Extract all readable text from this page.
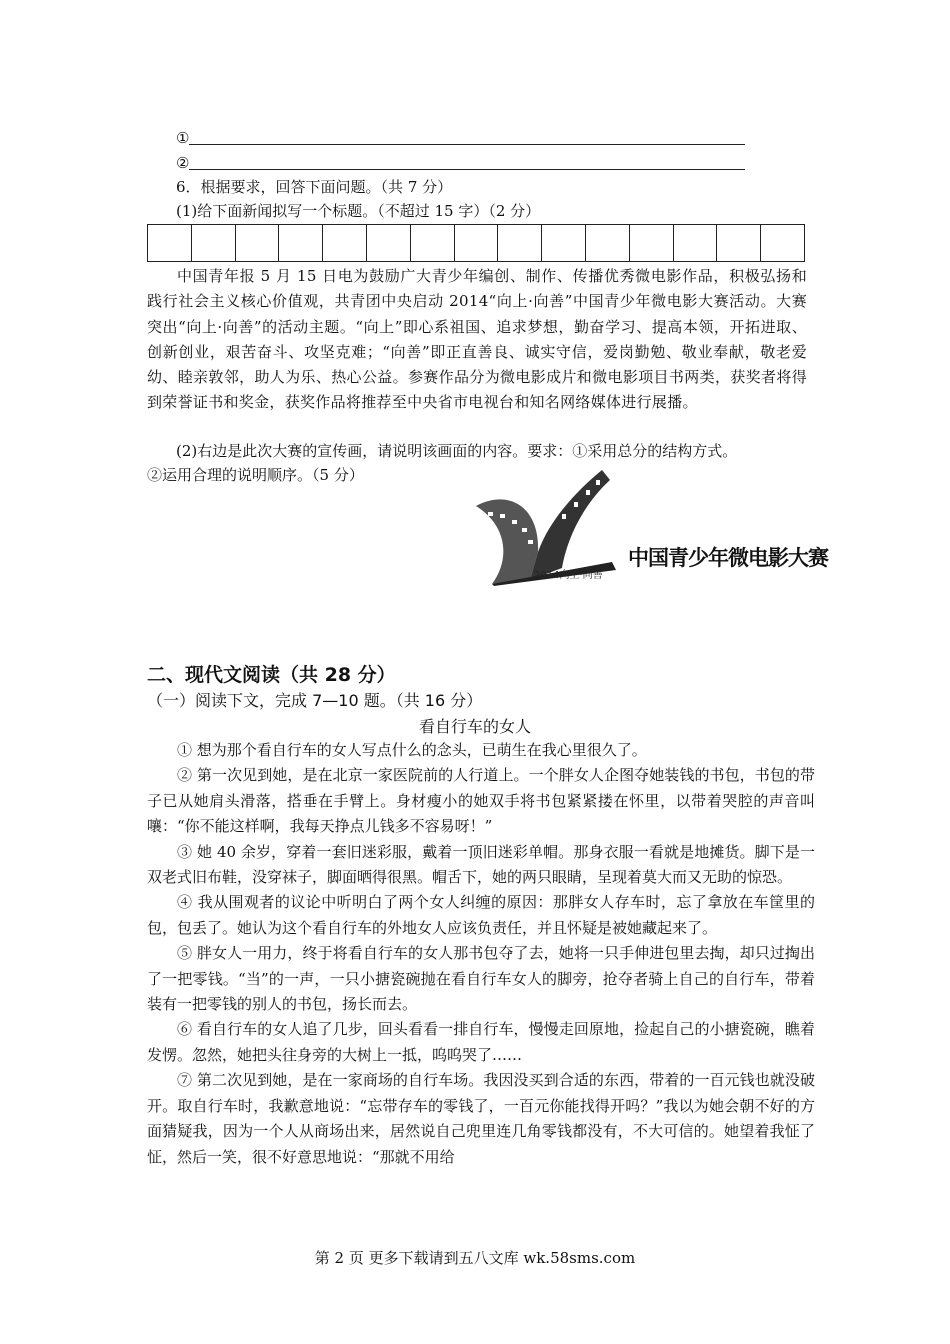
①
②
6．根据要求，回答下面问题。（共 7 分）
(1)给下面新闻拟写一个标题。（不超过 15 字）（2 分）

中国青年报 5 月 15 日电为鼓励广大青少年编创、制作、传播优秀微电影作品，积极弘扬和践行社会主义核心价值观，共青团中央启动 2014“向上·向善”中国青少年微电影大赛活动。大赛突出“向上·向善”的活动主题。“向上”即心系祖国、追求梦想，勤奋学习、提高本领，开拓进取、创新创业，艰苦奋斗、攻坚克难；“向善”即正直善良、诚实守信，爱岗勤勉、敬业奉献，敬老爱幼、睦亲敦邻，助人为乐、热心公益。参赛作品分为微电影成片和微电影项目书两类，获奖者将得到荣誉证书和奖金，获奖作品将推荐至中央省市电视台和知名网络媒体进行展播。

(2)右边是此次大赛的宣传画，请说明该画面的内容。要求：①采用总分的结构方式。
②运用合理的说明顺序。（5 分）
中国青少年微电影大赛
2014向上·向善
二、现代文阅读（共 28 分）
（一）阅读下文，完成 7—10 题。（共 16 分）
看自行车的女人

① 想为那个看自行车的女人写点什么的念头，已萌生在我心里很久了。

② 第一次见到她，是在北京一家医院前的人行道上。一个胖女人企图夺她装钱的书包，书包的带子已从她肩头滑落，搭垂在手臂上。身材瘦小的她双手将书包紧紧搂在怀里，以带着哭腔的声音叫嚷：“你不能这样啊，我每天挣点儿钱多不容易呀！”

③ 她 40 余岁，穿着一套旧迷彩服，戴着一顶旧迷彩单帽。那身衣服一看就是地摊货。脚下是一双老式旧布鞋，没穿袜子，脚面晒得很黑。帽舌下，她的两只眼睛，呈现着莫大而又无助的惊恐。

④ 我从围观者的议论中听明白了两个女人纠缠的原因：那胖女人存车时，忘了拿放在车筐里的包，包丢了。她认为这个看自行车的外地女人应该负责任，并且怀疑是被她藏起来了。

⑤ 胖女人一用力，终于将看自行车的女人那书包夺了去，她将一只手伸进包里去掏，却只过掏出了一把零钱。“当”的一声，一只小搪瓷碗抛在看自行车女人的脚旁，抢夺者骑上自己的自行车，带着装有一把零钱的别人的书包，扬长而去。

⑥ 看自行车的女人追了几步，回头看看一排自行车，慢慢走回原地，捡起自己的小搪瓷碗，瞧着发愣。忽然，她把头往身旁的大树上一抵，呜呜哭了……

⑦ 第二次见到她，是在一家商场的自行车场。我因没买到合适的东西，带着的一百元钱也就没破开。取自行车时，我歉意地说：“忘带存车的零钱了，一百元你能找得开吗？”我以为她会朝不好的方面猜疑我，因为一个人从商场出来，居然说自己兜里连几角零钱都没有，不大可信的。她望着我怔了怔，然后一笑，很不好意思地说：“那就不用给

第 2 页 更多下载请到五八文库 wk.58sms.com
